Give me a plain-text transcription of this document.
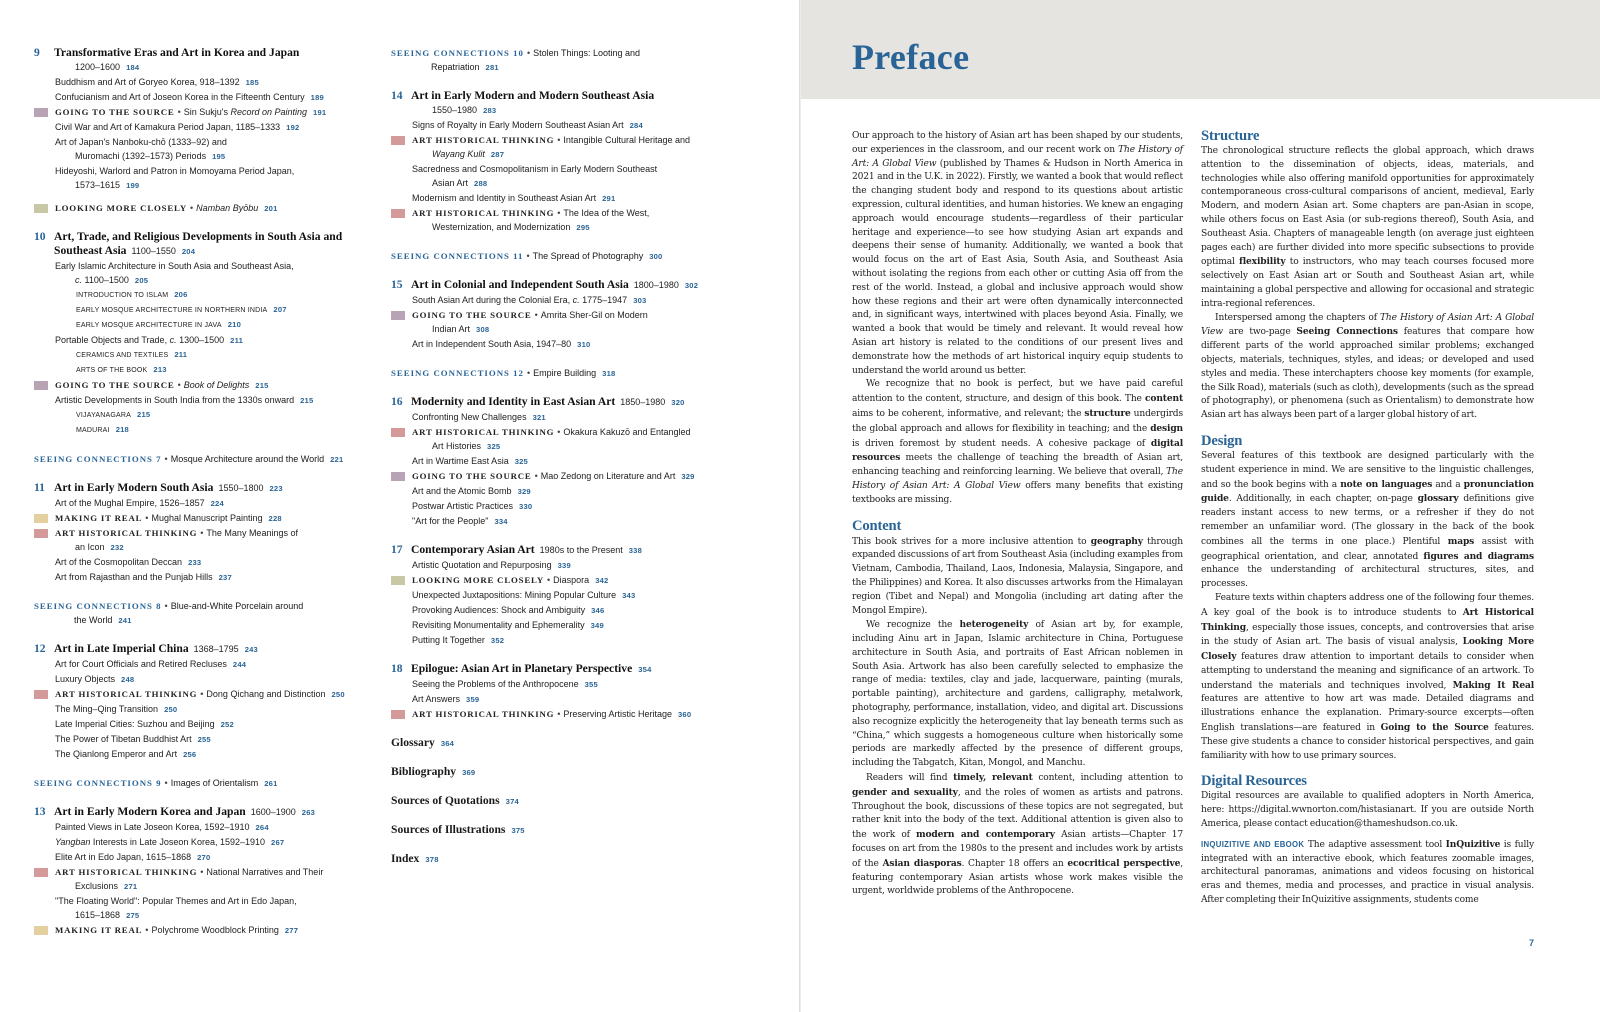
9	Transformative Eras and Art in Korea and Japan
1200–1600 184
Buddhism and Art of Goryeo Korea, 918–1392 185
Confucianism and Art of Joseon Korea in the Fifteenth Century 189
GOING TO THE SOURCE • Sin Sukju's Record on Painting 191
Civil War and Art of Kamakura Period Japan, 1185–1333 192
Art of Japan's Nanboku-chō (1333–92) and
Muromachi (1392–1573) Periods 195
Hideyoshi, Warlord and Patron in Momoyama Period Japan,
1573–1615 199
LOOKING MORE CLOSELY • Namban Byōbu 201
10 Art, Trade, and Religious Developments in South Asia and
Southeast Asia 1100–1550 204
Early Islamic Architecture in South Asia and Southeast Asia,
c. 1100–1500 205
INTRODUCTION TO ISLAM 206
EARLY MOSQUE ARCHITECTURE IN NORTHERN INDIA 207
EARLY MOSQUE ARCHITECTURE IN JAVA 210
Portable Objects and Trade, c. 1300–1500 211
CERAMICS AND TEXTILES 211
ARTS OF THE BOOK 213
GOING TO THE SOURCE • Book of Delights 215
Artistic Developments in South India from the 1330s onward 215
VIJAYANAGARA 215
MADURAI 218
SEEING CONNECTIONS 7 • Mosque Architecture around the World 221
11 Art in Early Modern South Asia 1550–1800 223
Art of the Mughal Empire, 1526–1857 224
MAKING IT REAL • Mughal Manuscript Painting 228
ART HISTORICAL THINKING • The Many Meanings of
an Icon 232
Art of the Cosmopolitan Deccan 233
Art from Rajasthan and the Punjab Hills 237
SEEING CONNECTIONS 8 • Blue-and-White Porcelain around
the World 241
12 Art in Late Imperial China 1368–1795 243
Art for Court Officials and Retired Recluses 244
Luxury Objects 248
ART HISTORICAL THINKING • Dong Qichang and Distinction 250
The Ming–Qing Transition 250
Late Imperial Cities: Suzhou and Beijing 252
The Power of Tibetan Buddhist Art 255
The Qianlong Emperor and Art 256
SEEING CONNECTIONS 9 • Images of Orientalism 261
13 Art in Early Modern Korea and Japan 1600–1900 263
Painted Views in Late Joseon Korea, 1592–1910 264
Yangban Interests in Late Joseon Korea, 1592–1910 267
Elite Art in Edo Japan, 1615–1868 270
ART HISTORICAL THINKING • National Narratives and Their
Exclusions 271
"The Floating World": Popular Themes and Art in Edo Japan,
1615–1868 275
MAKING IT REAL • Polychrome Woodblock Printing 277
SEEING CONNECTIONS 10 • Stolen Things: Looting and
Repatriation 281
14 Art in Early Modern and Modern Southeast Asia
1550–1980 283
Signs of Royalty in Early Modern Southeast Asian Art 284
ART HISTORICAL THINKING • Intangible Cultural Heritage and
Wayang Kulit 287
Sacredness and Cosmopolitanism in Early Modern Southeast
Asian Art 288
Modernism and Identity in Southeast Asian Art 291
ART HISTORICAL THINKING • The Idea of the West,
Westernization, and Modernization 295
SEEING CONNECTIONS 11 • The Spread of Photography 300
15 Art in Colonial and Independent South Asia 1800–1980 302
South Asian Art during the Colonial Era, c. 1775–1947 303
GOING TO THE SOURCE • Amrita Sher-Gil on Modern
Indian Art 308
Art in Independent South Asia, 1947–80 310
SEEING CONNECTIONS 12 • Empire Building 318
16 Modernity and Identity in East Asian Art 1850–1980 320
Confronting New Challenges 321
ART HISTORICAL THINKING • Okakura Kakuzō and Entangled
Art Histories 325
Art in Wartime East Asia 325
GOING TO THE SOURCE • Mao Zedong on Literature and Art 329
Art and the Atomic Bomb 329
Postwar Artistic Practices 330
"Art for the People" 334
17 Contemporary Asian Art 1980s to the Present 338
Artistic Quotation and Repurposing 339
LOOKING MORE CLOSELY • Diaspora 342
Unexpected Juxtapositions: Mining Popular Culture 343
Provoking Audiences: Shock and Ambiguity 346
Revisiting Monumentality and Ephemerality 349
Putting It Together 352
18 Epilogue: Asian Art in Planetary Perspective 354
Seeing the Problems of the Anthropocene 355
Art Answers 359
ART HISTORICAL THINKING • Preserving Artistic Heritage 360
Glossary 364
Bibliography 369
Sources of Quotations 374
Sources of Illustrations 375
Index 378
Preface

Our approach to the history of Asian art has been shaped by our students, our experiences in the classroom, and our recent work on The History of Art: A Global View (published by Thames & Hudson in North America in 2021 and in the U.K. in 2022). Firstly, we wanted a book that would reflect the changing student body and respond to its questions about artistic expression, cultural identities, and human histories. We knew an engaging approach would encourage students—regardless of their particular heritage and experience—to see how studying Asian art expands and deepens their sense of humanity. Additionally, we wanted a book that would focus on the art of East Asia, South Asia, and Southeast Asia without isolating the regions from each other or cutting Asia off from the rest of the world. Instead, a global and inclusive approach would show how these regions and their art were often dynamically interconnected and, in significant ways, intertwined with places beyond Asia. Finally, we wanted a book that would be timely and relevant. It would reveal how Asian art history is related to the conditions of our present lives and demonstrate how the methods of art historical inquiry equip students to understand the world around us better.

We recognize that no book is perfect, but we have paid careful attention to the content, structure, and design of this book. The content aims to be coherent, informative, and relevant; the structure undergirds the global approach and allows for flexibility in teaching; and the design is driven foremost by student needs. A cohesive package of digital resources meets the challenge of teaching the breadth of Asian art, enhancing teaching and reinforcing learning. We believe that overall, The History of Asian Art: A Global View offers many benefits that existing textbooks are missing.

Content

This book strives for a more inclusive attention to geography through expanded discussions of art from Southeast Asia (including examples from Vietnam, Cambodia, Thailand, Laos, Indonesia, Malaysia, Singapore, and the Philippines) and Korea. It also discusses artworks from the Himalayan region (Tibet and Nepal) and Mongolia (including art dating after the Mongol Empire).

We recognize the heterogeneity of Asian art by, for example, including Ainu art in Japan, Islamic architecture in China, Portuguese architecture in South Asia, and portraits of East African noblemen in South Asia. Artwork has also been carefully selected to emphasize the range of media: textiles, clay and jade, lacquerware, painting (murals, portable painting), architecture and gardens, calligraphy, metalwork, photography, performance, installation, video, and digital art. Discussions also recognize explicitly the heterogeneity that lay beneath terms such as “China,” which suggests a homogeneous culture when historically some periods are markedly affected by the presence of different groups, including the Tabgatch, Kitan, Mongol, and Manchu.

Readers will find timely, relevant content, including attention to gender and sexuality, and the roles of women as artists and patrons. Throughout the book, discussions of these topics are not segregated, but rather knit into the body of the text. Additional attention is given also to the work of modern and contemporary Asian artists—Chapter 17 focuses on art from the 1980s to the present and includes work by artists of the Asian diasporas. Chapter 18 offers an ecocritical perspective, featuring contemporary Asian artists whose work makes visible the urgent, worldwide problems of the Anthropocene.

Structure

The chronological structure reflects the global approach, which draws attention to the dissemination of objects, ideas, materials, and technologies while also offering manifold opportunities for approximately contemporaneous cross-cultural comparisons of ancient, medieval, Early Modern, and modern Asian art. Some chapters are pan-Asian in scope, while others focus on East Asia (or sub-regions thereof), South Asia, and Southeast Asia. Chapters of manageable length (on average just eighteen pages each) are further divided into more specific subsections to provide optimal flexibility to instructors, who may teach courses focused more selectively on East Asian art or South and Southeast Asian art, while maintaining a global perspective and allowing for occasional and strategic intra-regional references.

Interspersed among the chapters of The History of Asian Art: A Global View are two-page Seeing Connections features that compare how different parts of the world approached similar problems; exchanged objects, materials, techniques, styles, and ideas; or developed and used styles and media. These interchapters choose key moments (for example, the Silk Road), materials (such as cloth), developments (such as the spread of photography), or phenomena (such as Orientalism) to demonstrate how Asian art has always been part of a larger global history of art.

Design

Several features of this textbook are designed particularly with the student experience in mind. We are sensitive to the linguistic challenges, and so the book begins with a note on languages and a pronunciation guide. Additionally, in each chapter, on-page glossary definitions give readers instant access to new terms, or a refresher if they do not remember an unfamiliar word. (The glossary in the back of the book combines all the terms in one place.) Plentiful maps assist with geographical orientation, and clear, annotated figures and diagrams enhance the understanding of architectural structures, sites, and processes.

Feature texts within chapters address one of the following four themes. A key goal of the book is to introduce students to Art Historical Thinking, especially those issues, concepts, and controversies that arise in the study of Asian art. The basis of visual analysis, Looking More Closely features draw attention to important details to consider when attempting to understand the meaning and significance of an artwork. To understand the materials and techniques involved, Making It Real features are attentive to how art was made. Detailed diagrams and illustrations enhance the explanation. Primary-source excerpts—often English translations—are featured in Going to the Source features. These give students a chance to consider historical perspectives, and gain familiarity with how to use primary sources.

Digital Resources

Digital resources are available to qualified adopters in North America, here: https://digital.wwnorton.com/histasianart. If you are outside North America, please contact education@thameshudson.co.uk.

INQUIZITIVE AND EBOOK The adaptive assessment tool InQuizitive is fully integrated with an interactive ebook, which features zoomable images, architectural panoramas, animations and videos focusing on historical eras and themes, media and processes, and practice in visual analysis. After completing their InQuizitive assignments, students come

7
